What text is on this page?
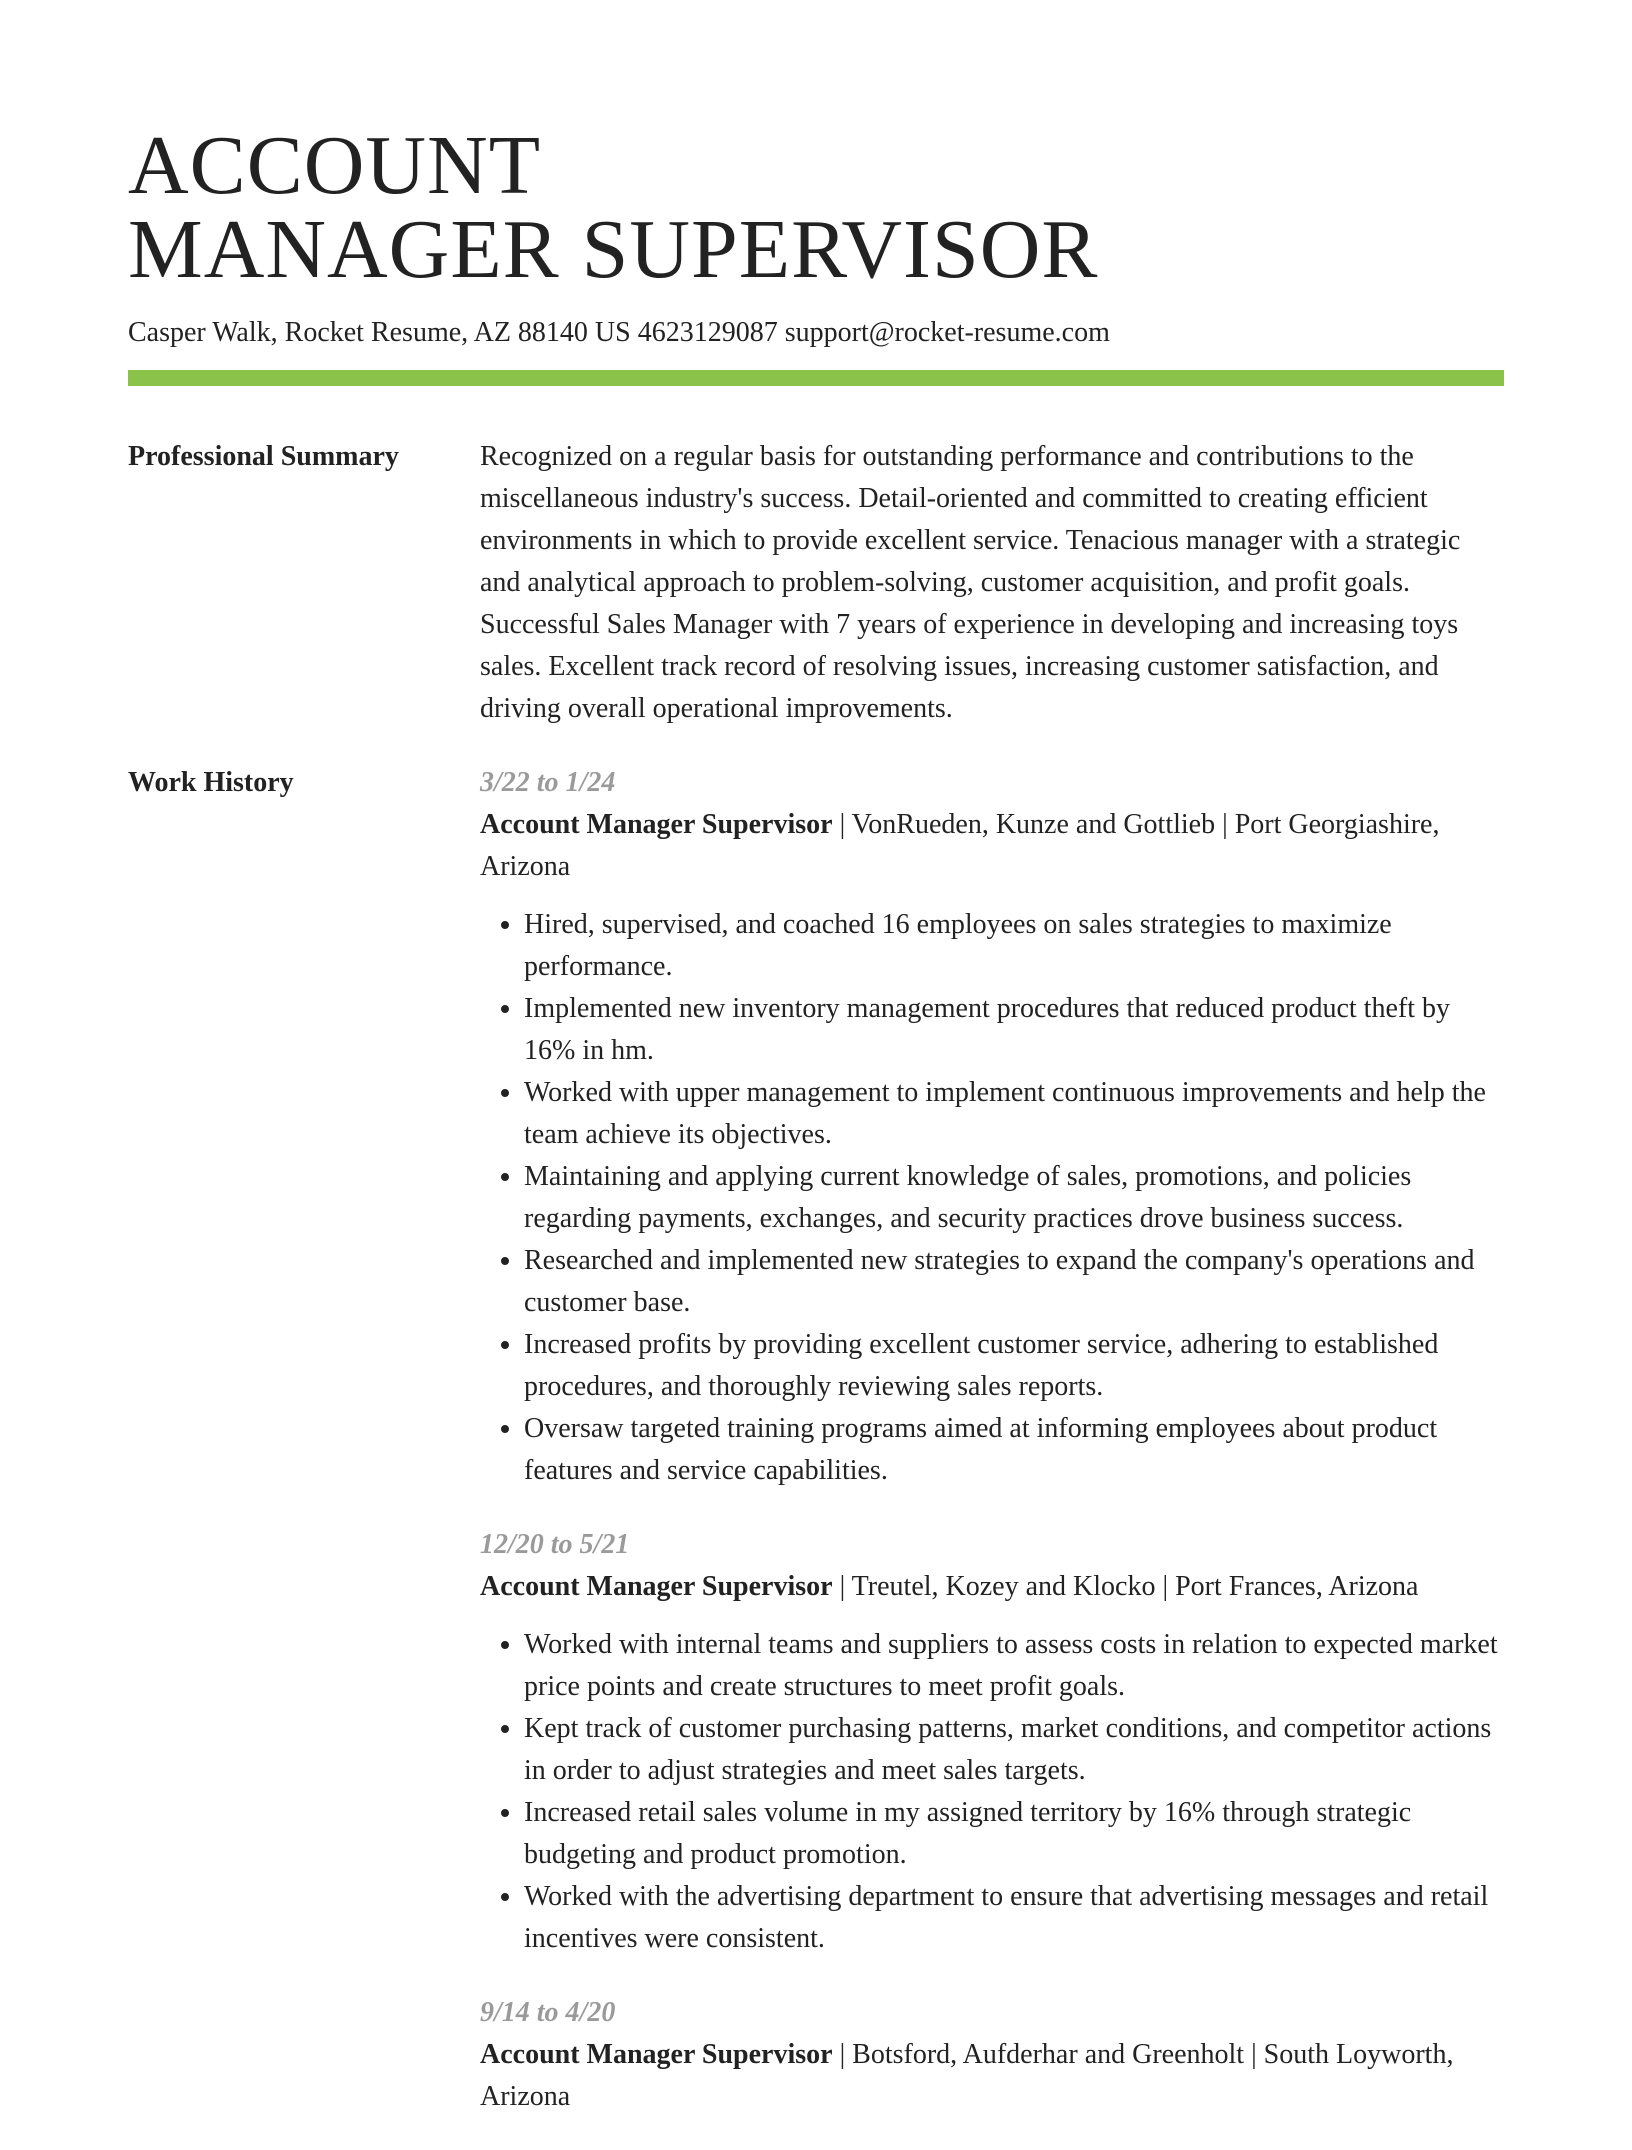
ACCOUNT
MANAGER SUPERVISOR
Casper Walk, Rocket Resume, AZ 88140 US 4623129087 support@rocket-resume.com
Professional Summary	Recognized on a regular basis for outstanding performance and contributions to the miscellaneous industry's success. Detail-oriented and committed to creating efficient environments in which to provide excellent service. Tenacious manager with a strategic and analytical approach to problem-solving, customer acquisition, and profit goals. Successful Sales Manager with 7 years of experience in developing and increasing toys sales. Excellent track record of resolving issues, increasing customer satisfaction, and driving overall operational improvements.
Work History	3/22 to 1/24
Account Manager Supervisor | VonRueden, Kunze and Gottlieb | Port Georgiashire, Arizona
• Hired, supervised, and coached 16 employees on sales strategies to maximize performance.
• Implemented new inventory management procedures that reduced product theft by 16% in hm.
• Worked with upper management to implement continuous improvements and help the team achieve its objectives.
• Maintaining and applying current knowledge of sales, promotions, and policies regarding payments, exchanges, and security practices drove business success.
• Researched and implemented new strategies to expand the company's operations and customer base.
• Increased profits by providing excellent customer service, adhering to established procedures, and thoroughly reviewing sales reports.
• Oversaw targeted training programs aimed at informing employees about product features and service capabilities.
12/20 to 5/21
Account Manager Supervisor | Treutel, Kozey and Klocko | Port Frances, Arizona
• Worked with internal teams and suppliers to assess costs in relation to expected market price points and create structures to meet profit goals.
• Kept track of customer purchasing patterns, market conditions, and competitor actions in order to adjust strategies and meet sales targets.
• Increased retail sales volume in my assigned territory by 16% through strategic budgeting and product promotion.
• Worked with the advertising department to ensure that advertising messages and retail incentives were consistent.
9/14 to 4/20
Account Manager Supervisor | Botsford, Aufderhar and Greenholt | South Loyworth, Arizona
